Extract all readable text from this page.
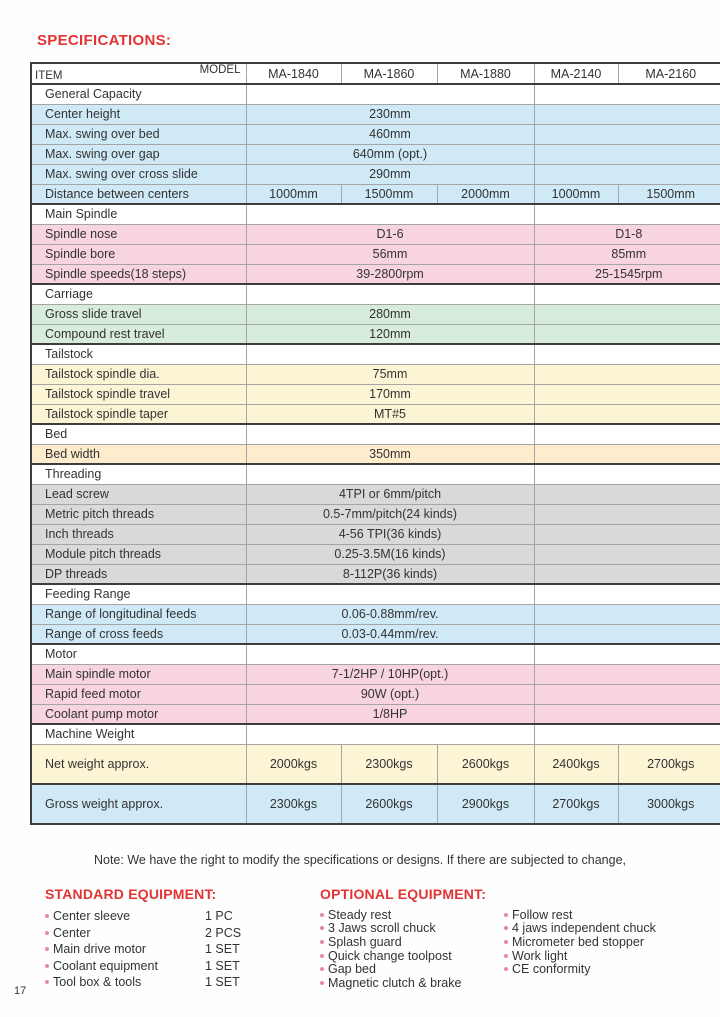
SPECIFICATIONS:
ITEM MODEL	MA-1840	MA-1860	MA-1880	MA-2140	MA-2160
General Capacity					
Center height	230mm				
Max. swing over bed	460mm				
Max. swing over gap	640mm (opt.)				
Max. swing over cross slide	290mm				
Distance between centers	1000mm	1500mm	2000mm	1000mm	1500mm
Main Spindle					
Spindle nose	D1-6			D1-8	
Spindle bore	56mm			85mm	
Spindle speeds(18 steps)	39-2800rpm			25-1545rpm	
Carriage					
Gross slide travel	280mm				
Compound rest travel	120mm				
Tailstock					
Tailstock spindle dia.	75mm				
Tailstock spindle travel	170mm				
Tailstock spindle taper	MT#5				
Bed					
Bed width	350mm				
Threading					
Lead screw	4TPI or 6mm/pitch				
Metric pitch threads	0.5-7mm/pitch(24 kinds)				
Inch threads	4-56 TPI(36 kinds)				
Module pitch threads	0.25-3.5M(16 kinds)				
DP threads	8-112P(36 kinds)				
Feeding Range					
Range of longitudinal feeds	0.06-0.88mm/rev.				
Range of cross feeds	0.03-0.44mm/rev.				
Motor					
Main spindle motor	7-1/2HP / 10HP(opt.)				
Rapid feed motor	90W (opt.)				
Coolant pump motor	1/8HP				
Machine Weight					
Net weight approx.	2000kgs	2300kgs	2600kgs	2400kgs	2700kgs
Gross weight approx.	2300kgs	2600kgs	2900kgs	2700kgs	3000kgs
Note: We have the right to modify the specifications or designs. If there are subjected to change,
STANDARD EQUIPMENT:
Center sleeve	1 PC
Center	2 PCS
Main drive motor	1 SET
Coolant equipment	1 SET
Tool box & tools	1 SET
OPTIONAL EQUIPMENT:
Steady rest
3 Jaws scroll chuck
Splash guard
Quick change toolpost
Gap bed
Magnetic clutch & brake
Follow rest
4 jaws independent chuck
Micrometer bed stopper
Work light
CE conformity
17
